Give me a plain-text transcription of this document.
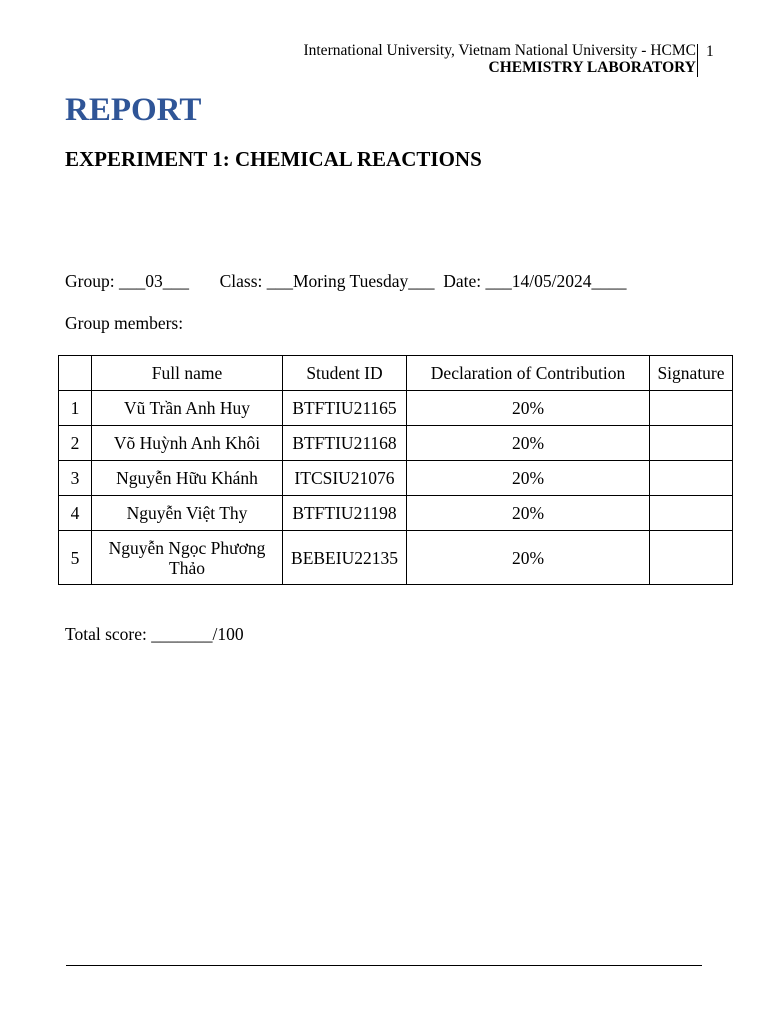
International University, Vietnam National University - HCMC
CHEMISTRY LABORATORY
1
REPORT
EXPERIMENT 1: CHEMICAL REACTIONS
Group: ___03___ Class: ___Moring Tuesday___ Date: ___14/05/2024____
Group members:
	Full name	Student ID	Declaration of Contribution	Signature
1	Vũ Trần Anh Huy	BTFTIU21165	20%	
2	Võ Huỳnh Anh Khôi	BTFTIU21168	20%	
3	Nguyễn Hữu Khánh	ITCSIU21076	20%	
4	Nguyễn Việt Thy	BTFTIU21198	20%	
5	Nguyễn Ngọc Phương Thảo	BEBEIU22135	20%	
Total score: _______/100
